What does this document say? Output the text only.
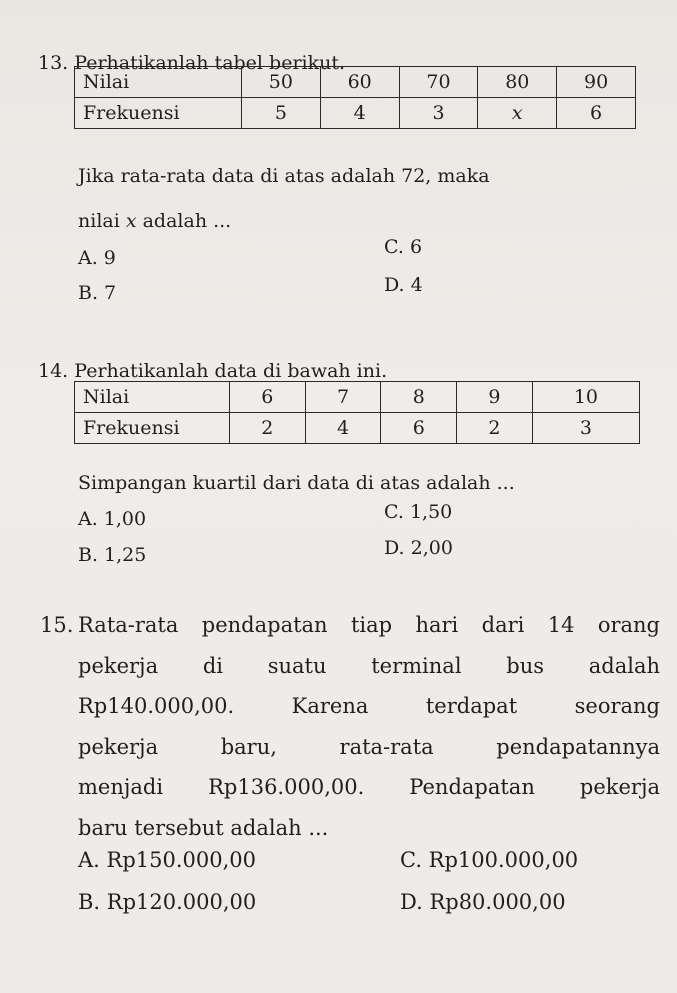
13. Perhatikanlah tabel berikut.
Nilai	50	60	70	80	90
Frekuensi	5	4	3	x	6
Jika rata-rata data di atas adalah 72, maka
nilai x adalah ...
A. 9	C. 6
B. 7	D. 4
14. Perhatikanlah data di bawah ini.
Nilai	6	7	8	9	10
Frekuensi	2	4	6	2	3
Simpangan kuartil dari data di atas adalah ...
A. 1,00	C. 1,50
B. 1,25	D. 2,00
15. Rata-rata pendapatan tiap hari dari 14 orang
pekerja di suatu terminal bus adalah
Rp140.000,00. Karena terdapat seorang
pekerja baru, rata-rata pendapatannya
menjadi Rp136.000,00. Pendapatan pekerja
baru tersebut adalah ...
A. Rp150.000,00	C. Rp100.000,00
B. Rp120.000,00	D. Rp80.000,00
